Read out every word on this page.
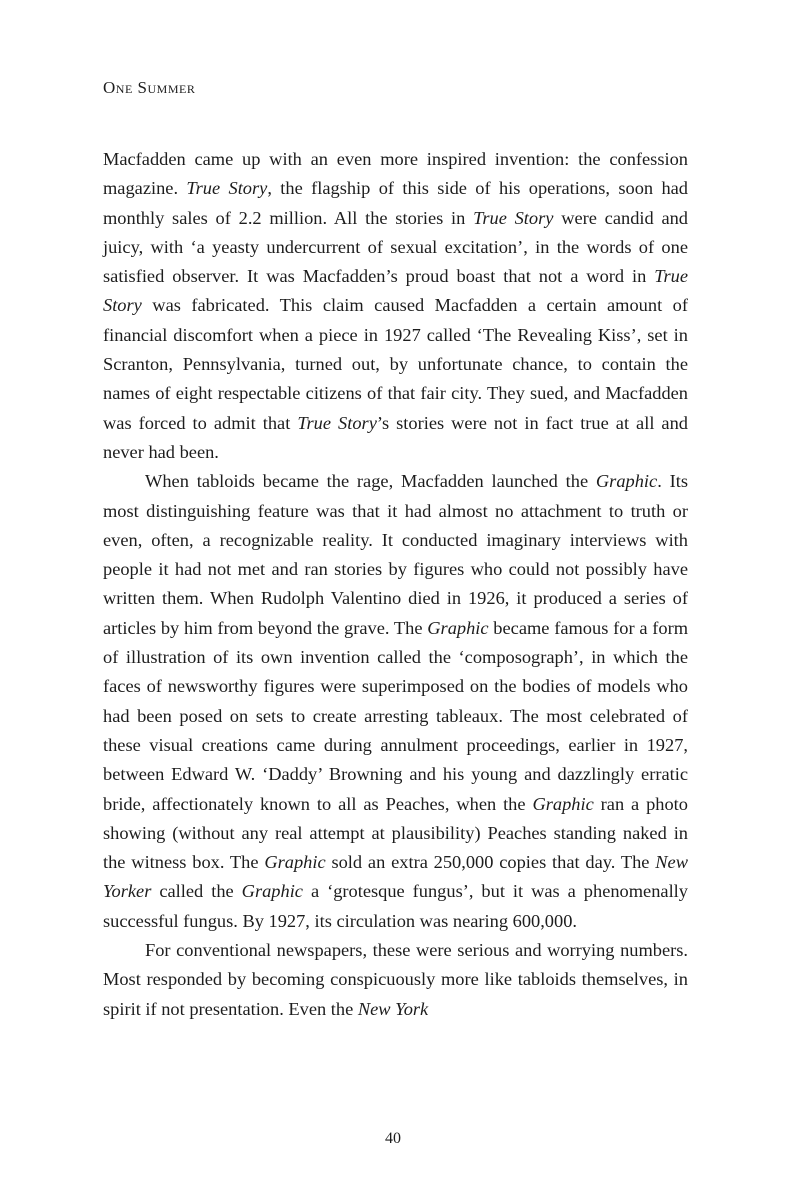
One Summer

Macfadden came up with an even more inspired invention: the confession magazine. True Story, the flagship of this side of his operations, soon had monthly sales of 2.2 million. All the stories in True Story were candid and juicy, with ‘a yeasty undercurrent of sexual excitation’, in the words of one satisfied observer. It was Macfadden’s proud boast that not a word in True Story was fabricated. This claim caused Macfadden a certain amount of financial discomfort when a piece in 1927 called ‘The Revealing Kiss’, set in Scranton, Pennsylvania, turned out, by unfortunate chance, to contain the names of eight respectable citizens of that fair city. They sued, and Macfadden was forced to admit that True Story’s stories were not in fact true at all and never had been.

When tabloids became the rage, Macfadden launched the Graphic. Its most distinguishing feature was that it had almost no attachment to truth or even, often, a recognizable reality. It conducted imaginary interviews with people it had not met and ran stories by figures who could not possibly have written them. When Rudolph Valentino died in 1926, it produced a series of articles by him from beyond the grave. The Graphic became famous for a form of illustration of its own invention called the ‘composograph’, in which the faces of newsworthy figures were superimposed on the bodies of models who had been posed on sets to create arresting tableaux. The most celebrated of these visual creations came during annulment proceedings, earlier in 1927, between Edward W. ‘Daddy’ Browning and his young and dazzlingly erratic bride, affectionately known to all as Peaches, when the Graphic ran a photo showing (without any real attempt at plausibility) Peaches standing naked in the witness box. The Graphic sold an extra 250,000 copies that day. The New Yorker called the Graphic a ‘grotesque fungus’, but it was a phenomenally successful fungus. By 1927, its circulation was nearing 600,000.

For conventional newspapers, these were serious and worrying numbers. Most responded by becoming conspicuously more like tabloids themselves, in spirit if not presentation. Even the New York

40
